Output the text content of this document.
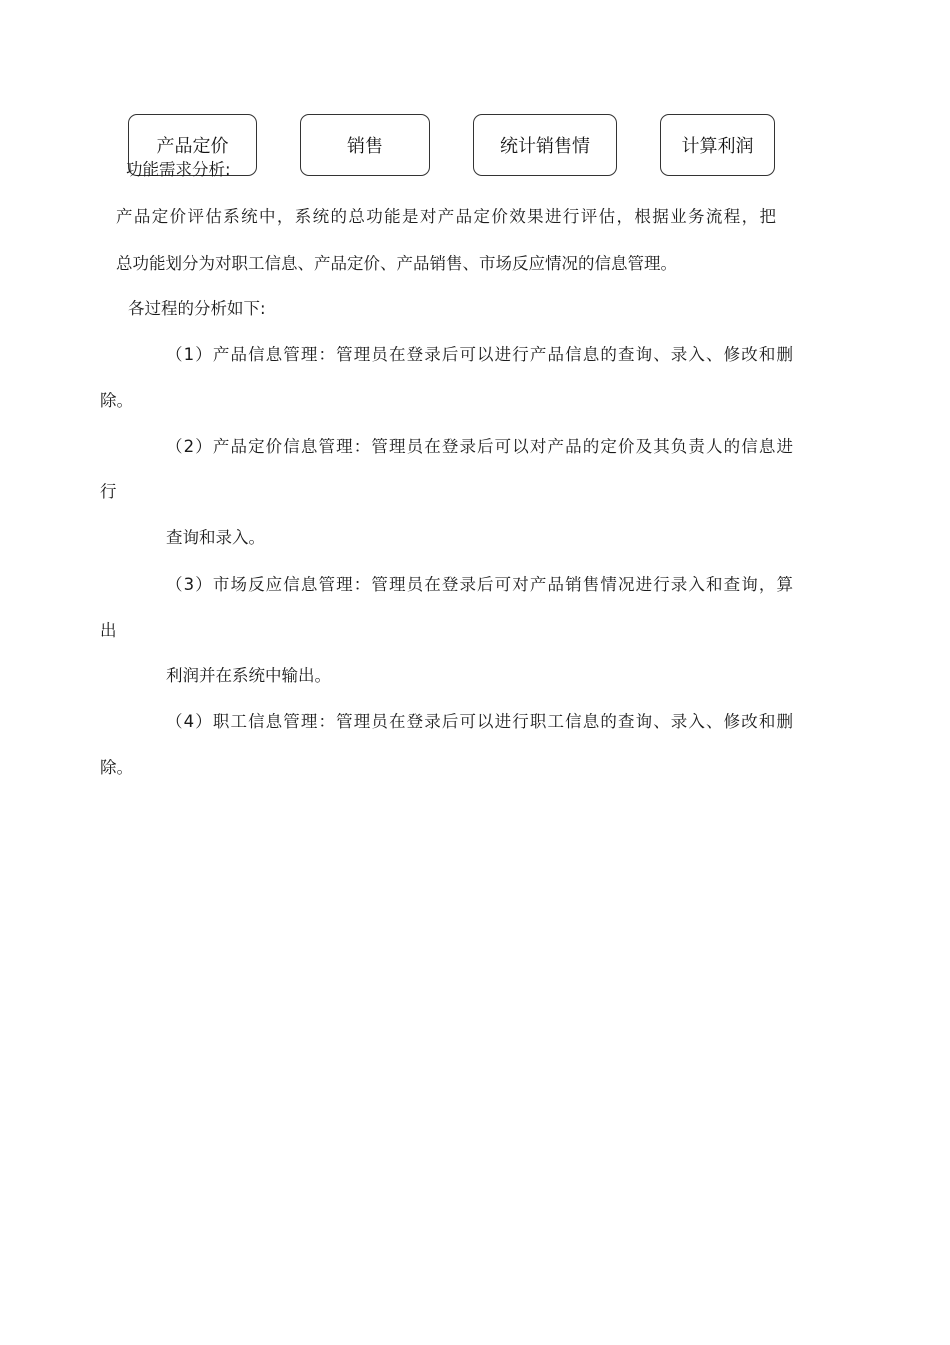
产品定价	销售	统计销售情	计算利润
功能需求分析:
产品定价评估系统中，系统的总功能是对产品定价效果进行评估，根据业务流程，把
总功能划分为对职工信息、产品定价、产品销售、市场反应情况的信息管理。
各过程的分析如下:
（1）产品信息管理：管理员在登录后可以进行产品信息的查询、录入、修改和删
除。
（2）产品定价信息管理：管理员在登录后可以对产品的定价及其负责人的信息进
行
查询和录入。
（3）市场反应信息管理：管理员在登录后可对产品销售情况进行录入和查询，算
出
利润并在系统中输出。
（4）职工信息管理：管理员在登录后可以进行职工信息的查询、录入、修改和删
除。
